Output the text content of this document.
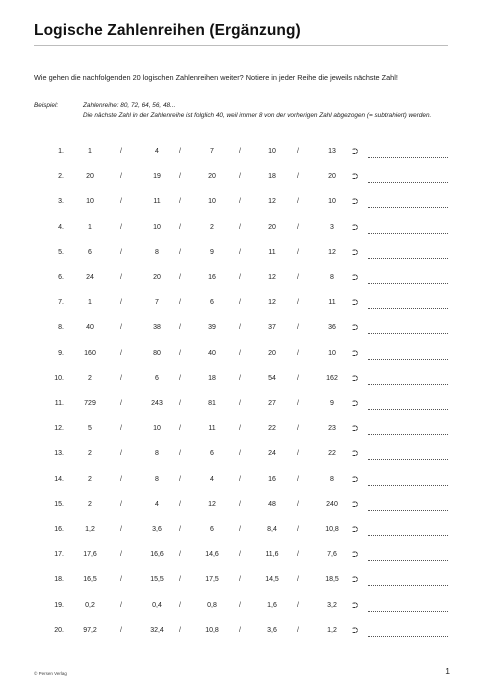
Logische Zahlenreihen (Ergänzung)
Wie gehen die nachfolgenden 20 logischen Zahlenreihen weiter? Notiere in jeder Reihe die jeweils nächste Zahl!
Beispiel:	Zahlenreihe: 80, 72, 64, 56, 48...
Die nächste Zahl in der Zahlenreihe ist folglich 40, weil immer 8 von der vorherigen Zahl abgezogen (= subtrahiert) werden.
1.	1	/	4	/	7	/	10	/	13	⮊
2.	20	/	19	/	20	/	18	/	20	⮊
3.	10	/	11	/	10	/	12	/	10	⮊
4.	1	/	10	/	2	/	20	/	3	⮊
5.	6	/	8	/	9	/	11	/	12	⮊
6.	24	/	20	/	16	/	12	/	8	⮊
7.	1	/	7	/	6	/	12	/	11	⮊
8.	40	/	38	/	39	/	37	/	36	⮊
9.	160	/	80	/	40	/	20	/	10	⮊
10.	2	/	6	/	18	/	54	/	162	⮊
11.	729	/	243	/	81	/	27	/	9	⮊
12.	5	/	10	/	11	/	22	/	23	⮊
13.	2	/	8	/	6	/	24	/	22	⮊
14.	2	/	8	/	4	/	16	/	8	⮊
15.	2	/	4	/	12	/	48	/	240	⮊
16.	1,2	/	3,6	/	6	/	8,4	/	10,8	⮊
17.	17,6	/	16,6	/	14,6	/	11,6	/	7,6	⮊
18.	16,5	/	15,5	/	17,5	/	14,5	/	18,5	⮊
19.	0,2	/	0,4	/	0,8	/	1,6	/	3,2	⮊
20.	97,2	/	32,4	/	10,8	/	3,6	/	1,2	⮊
© Persen Verlag	1
